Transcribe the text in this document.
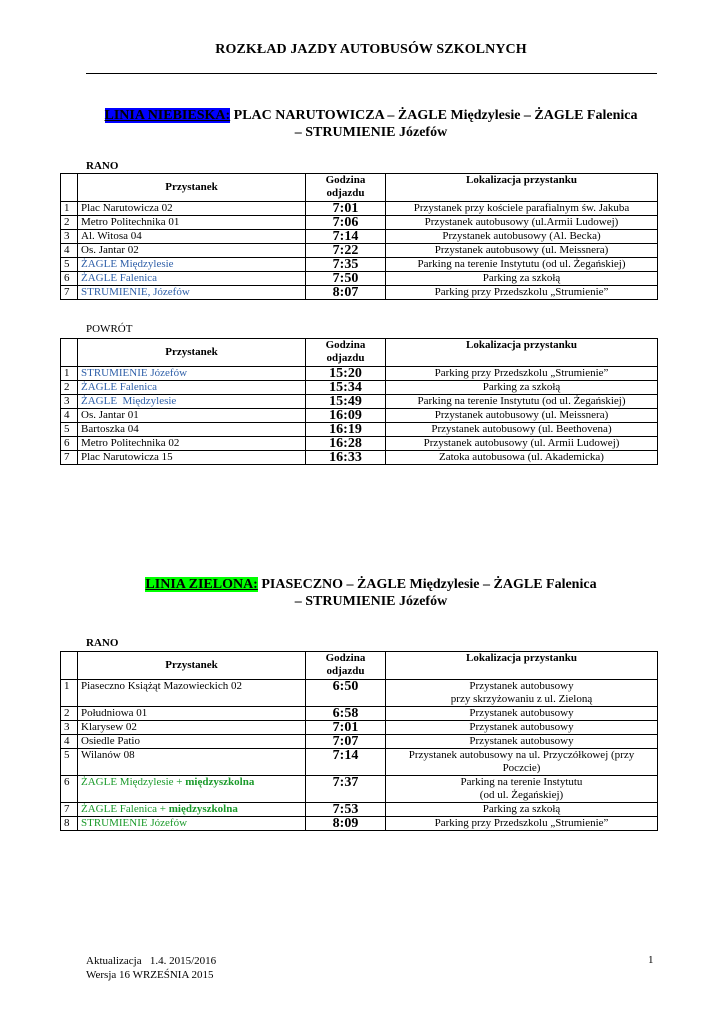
ROZKŁAD JAZDY AUTOBUSÓW SZKOLNYCH
LINIA NIEBIESKA: PLAC NARUTOWICZA – ŻAGLE Międzylesie – ŻAGLE Falenica
– STRUMIENIE Józefów
RANO
	Przystanek	Godzina odjazdu	Lokalizacja przystanku
1	Plac Narutowicza 02	7:01	Przystanek przy kościele parafialnym św. Jakuba
2	Metro Politechnika 01	7:06	Przystanek autobusowy (ul.Armii Ludowej)
3	Al. Witosa 04	7:14	Przystanek autobusowy (Al. Becka)
4	Os. Jantar 02	7:22	Przystanek autobusowy (ul. Meissnera)
5	ŻAGLE Międzylesie	7:35	Parking na terenie Instytutu (od ul. Żegańskiej)
6	ŻAGLE Falenica	7:50	Parking za szkołą
7	STRUMIENIE, Józefów	8:07	Parking przy Przedszkolu „Strumienie”
POWRÓT
	Przystanek	Godzina odjazdu	Lokalizacja przystanku
1	STRUMIENIE Józefów	15:20	Parking przy Przedszkolu „Strumienie”
2	ŻAGLE Falenica	15:34	Parking za szkołą
3	ŻAGLE  Międzylesie	15:49	Parking na terenie Instytutu (od ul. Żegańskiej)
4	Os. Jantar 01	16:09	Przystanek autobusowy (ul. Meissnera)
5	Bartoszka 04	16:19	Przystanek autobusowy (ul. Beethovena)
6	Metro Politechnika 02	16:28	Przystanek autobusowy (ul. Armii Ludowej)
7	Plac Narutowicza 15	16:33	Zatoka autobusowa (ul. Akademicka)
LINIA ZIELONA: PIASECZNO – ŻAGLE Międzylesie – ŻAGLE Falenica
– STRUMIENIE Józefów
RANO
	Przystanek	Godzina odjazdu	Lokalizacja przystanku
1	Piaseczno Książąt Mazowieckich 02	6:50	Przystanek autobusowy
przy skrzyżowaniu z ul. Zieloną
2	Południowa 01	6:58	Przystanek autobusowy
3	Klarysew 02	7:01	Przystanek autobusowy
4	Osiedle Patio	7:07	Przystanek autobusowy
5	Wilanów 08	7:14	Przystanek autobusowy na ul. Przyczółkowej (przy
Poczcie)
6	ŻAGLE Międzylesie + międzyszkolna	7:37	Parking na terenie Instytutu
(od ul. Żegańskiej)
7	ŻAGLE Falenica + międzyszkolna	7:53	Parking za szkołą
8	STRUMIENIE Józefów	8:09	Parking przy Przedszkolu „Strumienie”
Aktualizacja   1.4. 2015/2016
Wersja 16 WRZEŚNIA 2015
1
